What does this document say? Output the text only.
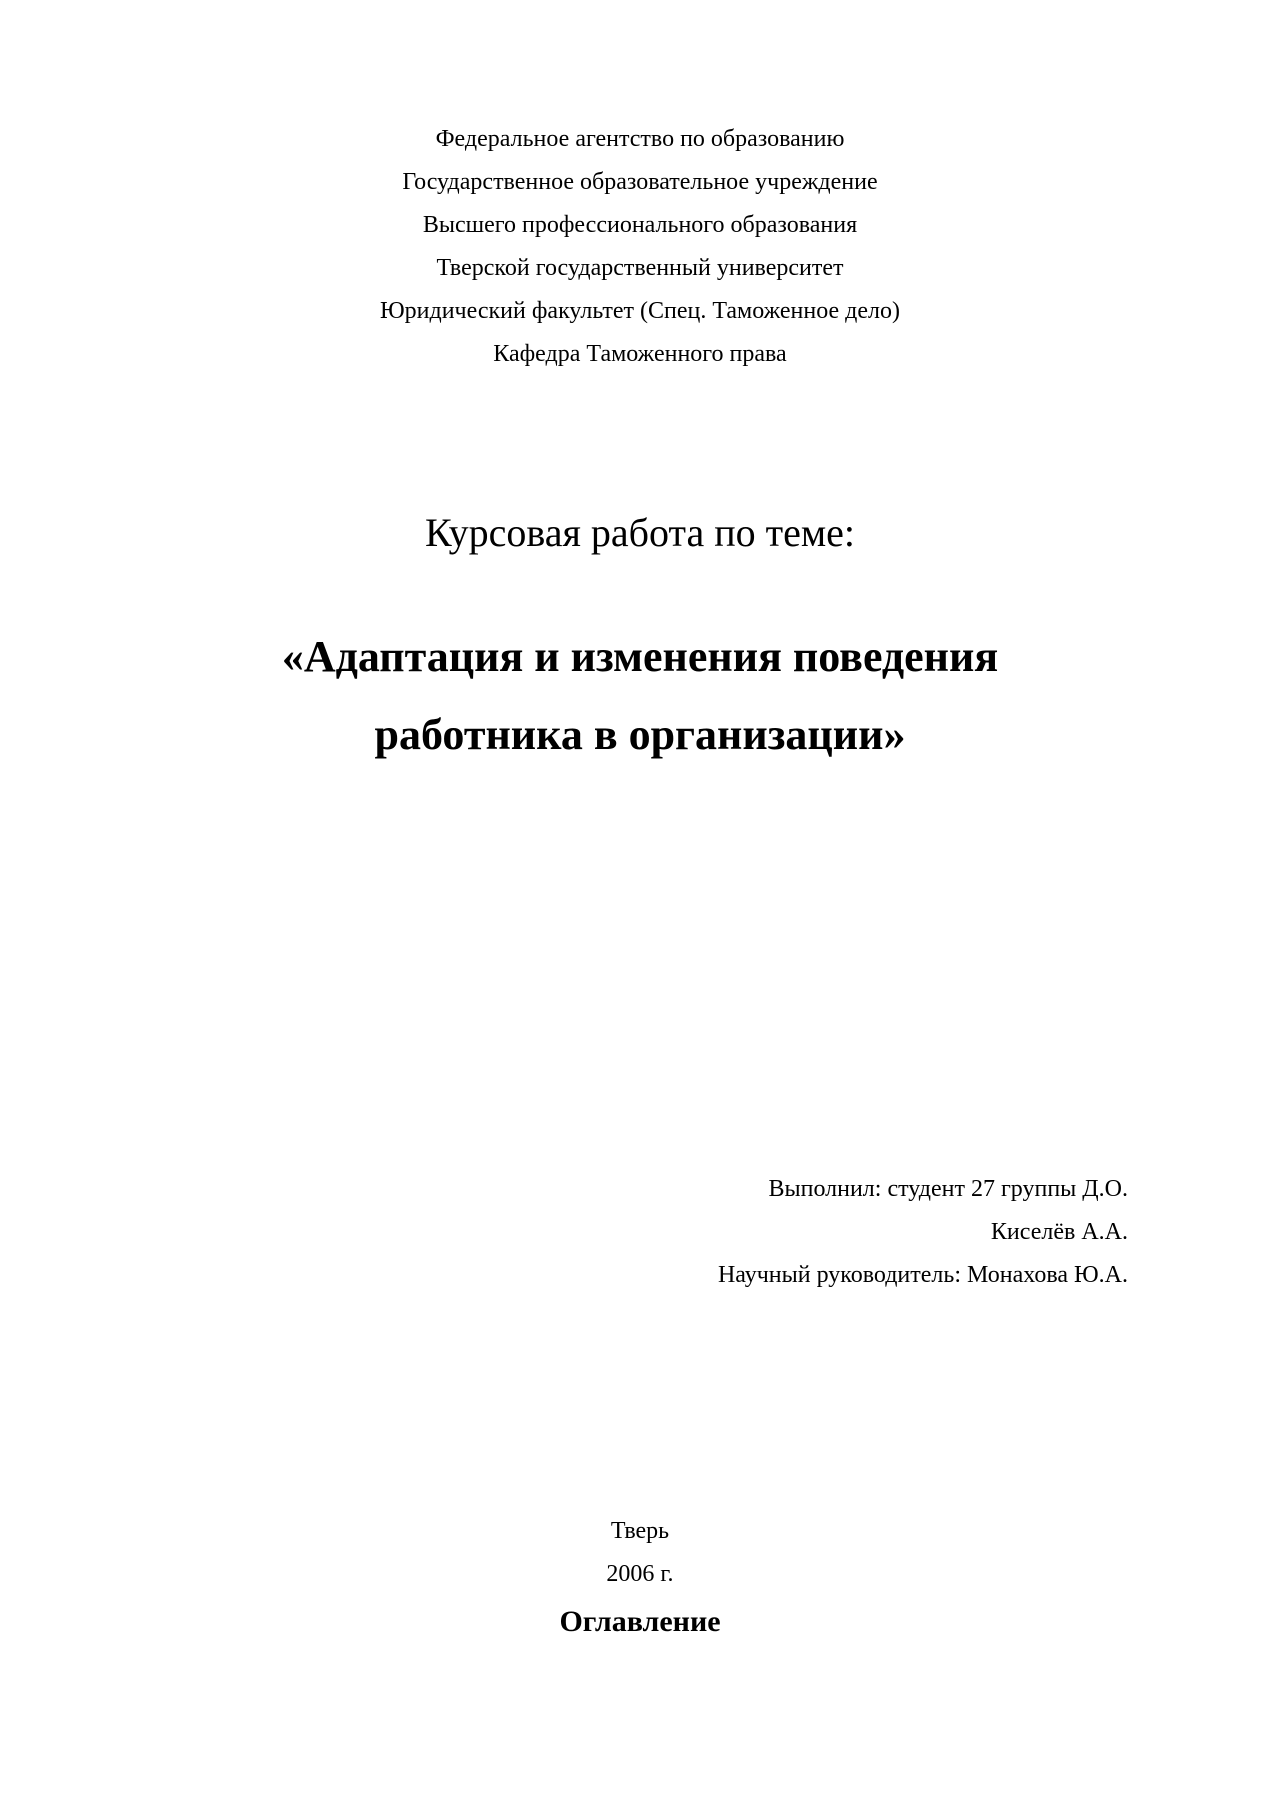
Федеральное агентство по образованию
Государственное образовательное учреждение
Высшего профессионального образования
Тверской государственный университет
Юридический факультет (Спец. Таможенное дело)
Кафедра Таможенного права
Курсовая работа по теме:
«Адаптация и изменения поведения
работника в организации»
Выполнил: студент 27 группы Д.О.
Киселёв А.А.
Научный руководитель: Монахова Ю.А.
Тверь
2006 г.
Оглавление
